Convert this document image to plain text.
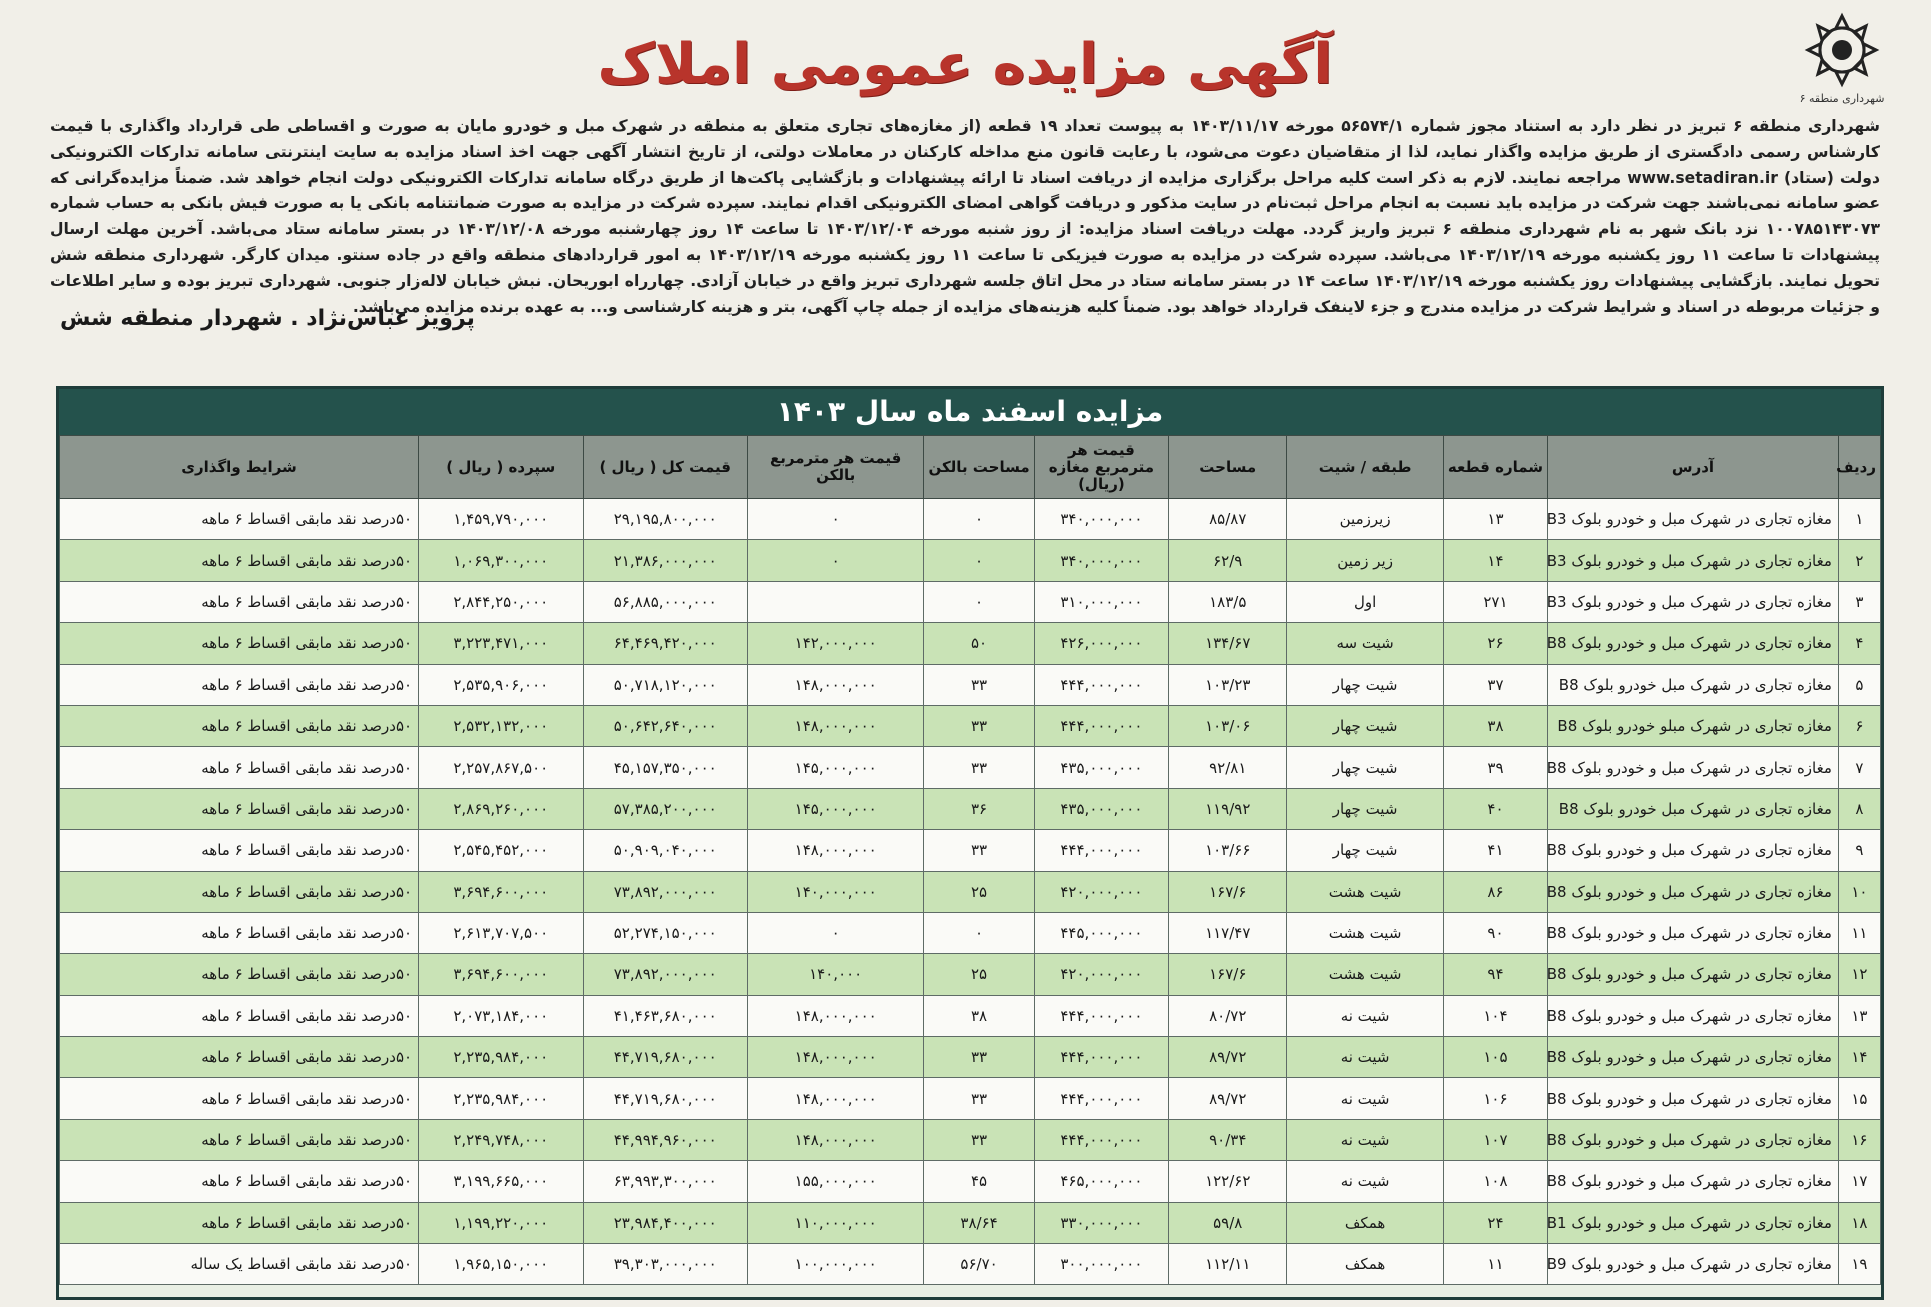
آگهی مزایده عمومی املاک
شهرداری منطقه ۶
شهرداری منطقه ۶ تبریز در نظر دارد به استناد مجوز شماره ۵۶۵۷۴/۱ مورخه ۱۴۰۳/۱۱/۱۷ به پیوست تعداد ۱۹ قطعه (از مغازه‌های تجاری متعلق به منطقه در شهرک مبل و خودرو مایان به صورت و اقساطی طی قرارداد واگذاری با قیمت کارشناس رسمی دادگستری از طریق مزایده واگذار نماید، لذا از متقاضیان دعوت می‌شود، با رعایت قانون منع مداخله کارکنان در معاملات دولتی، از تاریخ انتشار آگهی جهت اخذ اسناد مزایده به سایت اینترنتی سامانه تدارکات الکترونیکی دولت (ستاد) www.setadiran.ir مراجعه نمایند. لازم به ذکر است کلیه مراحل برگزاری مزایده از دریافت اسناد تا ارائه پیشنهادات و بازگشایی پاکت‌ها از طریق درگاه سامانه تدارکات الکترونیکی دولت انجام خواهد شد. ضمناً مزایده‌گرانی که عضو سامانه نمی‌باشند جهت شرکت در مزایده باید نسبت به انجام مراحل ثبت‌نام در سایت مذکور و دریافت گواهی امضای الکترونیکی اقدام نمایند. سپرده شرکت در مزایده به صورت ضمانتنامه بانکی یا به صورت فیش بانکی به حساب شماره ۱۰۰۷۸۵۱۴۳۰۷۳ نزد بانک شهر به نام شهرداری منطقه ۶ تبریز واریز گردد. مهلت دریافت اسناد مزایده: از روز شنبه مورخه ۱۴۰۳/۱۲/۰۴ تا ساعت ۱۴ روز چهارشنبه مورخه ۱۴۰۳/۱۲/۰۸ در بستر سامانه ستاد می‌باشد. آخرین مهلت ارسال پیشنهادات تا ساعت ۱۱ روز یکشنبه مورخه ۱۴۰۳/۱۲/۱۹ می‌باشد. سپرده شرکت در مزایده به صورت فیزیکی تا ساعت ۱۱ روز یکشنبه مورخه ۱۴۰۳/۱۲/۱۹ به امور قراردادهای منطقه واقع در جاده سنتو. میدان کارگر. شهرداری منطقه شش تحویل نمایند. بازگشایی پیشنهادات روز یکشنبه مورخه ۱۴۰۳/۱۲/۱۹ ساعت ۱۴ در بستر سامانه ستاد در محل اتاق جلسه شهرداری تبریز واقع در خیابان آزادی. چهارراه ابوریحان. نبش خیابان لاله‌زار جنوبی. شهرداری تبریز بوده و سایر اطلاعات و جزئیات مربوطه در اسناد و شرایط شرکت در مزایده مندرج و جزء لاینفک قرارداد خواهد بود. ضمناً کلیه هزینه‌های مزایده از جمله چاپ آگهی، بتر و هزینه کارشناسی و... به عهده برنده مزایده می‌باشد.
پرویز عباس‌نژاد . شهردار منطقه شش
مزایده اسفند ماه سال ۱۴۰۳
ردیف	آدرس	شماره قطعه	طبقه / شیت	مساحت	قیمت هر مترمربع مغازه (ریال)	مساحت بالکن	قیمت هر مترمربع بالکن	قیمت کل ( ریال )	سپرده ( ریال )	شرایط واگذاری
۱	مغازه تجاری در شهرک مبل و خودرو بلوک B3	۱۳	زیرزمین	۸۵/۸۷	۳۴۰,۰۰۰,۰۰۰	۰	۰	۲۹,۱۹۵,۸۰۰,۰۰۰	۱,۴۵۹,۷۹۰,۰۰۰	۵۰درصد نقد مابقی اقساط ۶ ماهه
۲	مغازه تجاری در شهرک مبل و خودرو بلوک B3	۱۴	زیر زمین	۶۲/۹	۳۴۰,۰۰۰,۰۰۰	۰	۰	۲۱,۳۸۶,۰۰۰,۰۰۰	۱,۰۶۹,۳۰۰,۰۰۰	۵۰درصد نقد مابقی اقساط ۶ ماهه
۳	مغازه تجاری در شهرک مبل و خودرو بلوک B3	۲۷۱	اول	۱۸۳/۵	۳۱۰,۰۰۰,۰۰۰	۰		۵۶,۸۸۵,۰۰۰,۰۰۰	۲,۸۴۴,۲۵۰,۰۰۰	۵۰درصد نقد مابقی اقساط ۶ ماهه
۴	مغازه تجاری در شهرک مبل و خودرو بلوک B8	۲۶	شیت سه	۱۳۴/۶۷	۴۲۶,۰۰۰,۰۰۰	۵۰	۱۴۲,۰۰۰,۰۰۰	۶۴,۴۶۹,۴۲۰,۰۰۰	۳,۲۲۳,۴۷۱,۰۰۰	۵۰درصد نقد مابقی اقساط ۶ ماهه
۵	مغازه تجاری در شهرک مبل خودرو بلوک B8	۳۷	شیت چهار	۱۰۳/۲۳	۴۴۴,۰۰۰,۰۰۰	۳۳	۱۴۸,۰۰۰,۰۰۰	۵۰,۷۱۸,۱۲۰,۰۰۰	۲,۵۳۵,۹۰۶,۰۰۰	۵۰درصد نقد مابقی اقساط ۶ ماهه
۶	مغازه تجاری در شهرک مبلو خودرو بلوک B8	۳۸	شیت چهار	۱۰۳/۰۶	۴۴۴,۰۰۰,۰۰۰	۳۳	۱۴۸,۰۰۰,۰۰۰	۵۰,۶۴۲,۶۴۰,۰۰۰	۲,۵۳۲,۱۳۲,۰۰۰	۵۰درصد نقد مابقی اقساط ۶ ماهه
۷	مغازه تجاری در شهرک مبل و خودرو بلوک B8	۳۹	شیت چهار	۹۲/۸۱	۴۳۵,۰۰۰,۰۰۰	۳۳	۱۴۵,۰۰۰,۰۰۰	۴۵,۱۵۷,۳۵۰,۰۰۰	۲,۲۵۷,۸۶۷,۵۰۰	۵۰درصد نقد مابقی اقساط ۶ ماهه
۸	مغازه تجاری در شهرک مبل خودرو بلوک B8	۴۰	شیت چهار	۱۱۹/۹۲	۴۳۵,۰۰۰,۰۰۰	۳۶	۱۴۵,۰۰۰,۰۰۰	۵۷,۳۸۵,۲۰۰,۰۰۰	۲,۸۶۹,۲۶۰,۰۰۰	۵۰درصد نقد مابقی اقساط ۶ ماهه
۹	مغازه تجاری در شهرک مبل و خودرو بلوک B8	۴۱	شیت چهار	۱۰۳/۶۶	۴۴۴,۰۰۰,۰۰۰	۳۳	۱۴۸,۰۰۰,۰۰۰	۵۰,۹۰۹,۰۴۰,۰۰۰	۲,۵۴۵,۴۵۲,۰۰۰	۵۰درصد نقد مابقی اقساط ۶ ماهه
۱۰	مغازه تجاری در شهرک مبل و خودرو بلوک B8	۸۶	شیت هشت	۱۶۷/۶	۴۲۰,۰۰۰,۰۰۰	۲۵	۱۴۰,۰۰۰,۰۰۰	۷۳,۸۹۲,۰۰۰,۰۰۰	۳,۶۹۴,۶۰۰,۰۰۰	۵۰درصد نقد مابقی اقساط ۶ ماهه
۱۱	مغازه تجاری در شهرک مبل و خودرو بلوک B8	۹۰	شیت هشت	۱۱۷/۴۷	۴۴۵,۰۰۰,۰۰۰	۰	۰	۵۲,۲۷۴,۱۵۰,۰۰۰	۲,۶۱۳,۷۰۷,۵۰۰	۵۰درصد نقد مابقی اقساط ۶ ماهه
۱۲	مغازه تجاری در شهرک مبل و خودرو بلوک B8	۹۴	شیت هشت	۱۶۷/۶	۴۲۰,۰۰۰,۰۰۰	۲۵	۱۴۰,۰۰۰	۷۳,۸۹۲,۰۰۰,۰۰۰	۳,۶۹۴,۶۰۰,۰۰۰	۵۰درصد نقد مابقی اقساط ۶ ماهه
۱۳	مغازه تجاری در شهرک مبل و خودرو بلوک B8	۱۰۴	شیت نه	۸۰/۷۲	۴۴۴,۰۰۰,۰۰۰	۳۸	۱۴۸,۰۰۰,۰۰۰	۴۱,۴۶۳,۶۸۰,۰۰۰	۲,۰۷۳,۱۸۴,۰۰۰	۵۰درصد نقد مابقی اقساط ۶ ماهه
۱۴	مغازه تجاری در شهرک مبل و خودرو بلوک B8	۱۰۵	شیت نه	۸۹/۷۲	۴۴۴,۰۰۰,۰۰۰	۳۳	۱۴۸,۰۰۰,۰۰۰	۴۴,۷۱۹,۶۸۰,۰۰۰	۲,۲۳۵,۹۸۴,۰۰۰	۵۰درصد نقد مابقی اقساط ۶ ماهه
۱۵	مغازه تجاری در شهرک مبل و خودرو بلوک B8	۱۰۶	شیت نه	۸۹/۷۲	۴۴۴,۰۰۰,۰۰۰	۳۳	۱۴۸,۰۰۰,۰۰۰	۴۴,۷۱۹,۶۸۰,۰۰۰	۲,۲۳۵,۹۸۴,۰۰۰	۵۰درصد نقد مابقی اقساط ۶ ماهه
۱۶	مغازه تجاری در شهرک مبل و خودرو بلوک B8	۱۰۷	شیت نه	۹۰/۳۴	۴۴۴,۰۰۰,۰۰۰	۳۳	۱۴۸,۰۰۰,۰۰۰	۴۴,۹۹۴,۹۶۰,۰۰۰	۲,۲۴۹,۷۴۸,۰۰۰	۵۰درصد نقد مابقی اقساط ۶ ماهه
۱۷	مغازه تجاری در شهرک مبل و خودرو بلوک B8	۱۰۸	شیت نه	۱۲۲/۶۲	۴۶۵,۰۰۰,۰۰۰	۴۵	۱۵۵,۰۰۰,۰۰۰	۶۳,۹۹۳,۳۰۰,۰۰۰	۳,۱۹۹,۶۶۵,۰۰۰	۵۰درصد نقد مابقی اقساط ۶ ماهه
۱۸	مغازه تجاری در شهرک مبل و خودرو بلوک B1	۲۴	همکف	۵۹/۸	۳۳۰,۰۰۰,۰۰۰	۳۸/۶۴	۱۱۰,۰۰۰,۰۰۰	۲۳,۹۸۴,۴۰۰,۰۰۰	۱,۱۹۹,۲۲۰,۰۰۰	۵۰درصد نقد مابقی اقساط ۶ ماهه
۱۹	مغازه تجاری در شهرک مبل و خودرو بلوک B9	۱۱	همکف	۱۱۲/۱۱	۳۰۰,۰۰۰,۰۰۰	۵۶/۷۰	۱۰۰,۰۰۰,۰۰۰	۳۹,۳۰۳,۰۰۰,۰۰۰	۱,۹۶۵,۱۵۰,۰۰۰	۵۰درصد نقد مابقی اقساط یک ساله
